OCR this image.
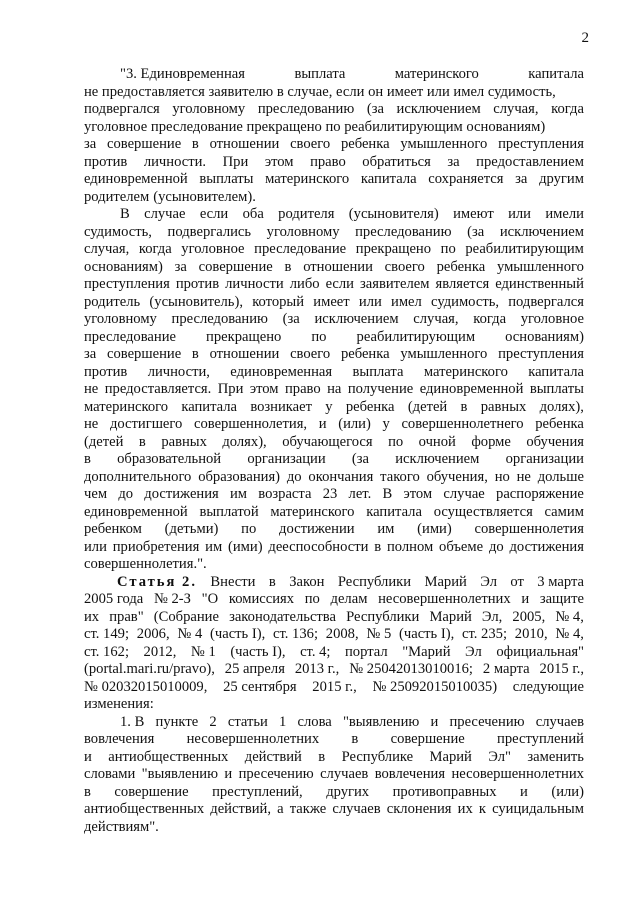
2
"3. Единовременная	выплата	материнского	капитала
не предоставляется заявителю в случае, если он имеет или имел судимость,
подвергался уголовному преследованию (за исключением случая, когда
уголовное преследование прекращено по реабилитирующим основаниям)
за совершение в отношении своего ребенка умышленного преступления
против личности. При этом право обратиться за предоставлением
единовременной выплаты материнского капитала сохраняется за другим
родителем (усыновителем).
В случае если оба родителя (усыновителя) имеют или имели
судимость, подвергались уголовному преследованию (за исключением
случая, когда уголовное преследование прекращено по реабилитирующим
основаниям) за совершение в отношении своего ребенка умышленного
преступления против личности либо если заявителем является единственный
родитель (усыновитель), который имеет или имел судимость, подвергался
уголовному преследованию (за исключением случая, когда уголовное
преследование прекращено по реабилитирующим основаниям)
за совершение в отношении своего ребенка умышленного преступления
против личности, единовременная выплата материнского капитала
не предоставляется. При этом право на получение единовременной выплаты
материнского капитала возникает у ребенка (детей в равных долях),
не достигшего совершеннолетия, и (или) у совершеннолетнего ребенка
(детей в равных долях), обучающегося по очной форме обучения
в образовательной организации (за исключением организации
дополнительного образования) до окончания такого обучения, но не дольше
чем до достижения им возраста 23 лет. В этом случае распоряжение
единовременной выплатой материнского капитала осуществляется самим
ребенком (детьми) по достижении им (ими) совершеннолетия
или приобретения им (ими) дееспособности в полном объеме до достижения
совершеннолетия.".
Статья 2. Внести в Закон Республики Марий Эл от 3 марта
2005 года № 2-З "О комиссиях по делам несовершеннолетних и защите
их прав" (Собрание законодательства Республики Марий Эл, 2005, № 4,
ст. 149; 2006, № 4 (часть I), ст. 136; 2008, № 5 (часть I), ст. 235; 2010, № 4,
ст. 162; 2012, № 1 (часть I), ст. 4; портал "Марий Эл официальная"
(portal.mari.ru/pravo), 25 апреля 2013 г., № 25042013010016; 2 марта 2015 г.,
№ 02032015010009, 25 сентября 2015 г., № 25092015010035) следующие
изменения:
1. В пункте 2 статьи 1 слова "выявлению и пресечению случаев
вовлечения несовершеннолетних в совершение преступлений
и антиобщественных действий в Республике Марий Эл" заменить
словами "выявлению и пресечению случаев вовлечения несовершеннолетних
в совершение преступлений, других противоправных и (или)
антиобщественных действий, а также случаев склонения их к суицидальным
действиям".
